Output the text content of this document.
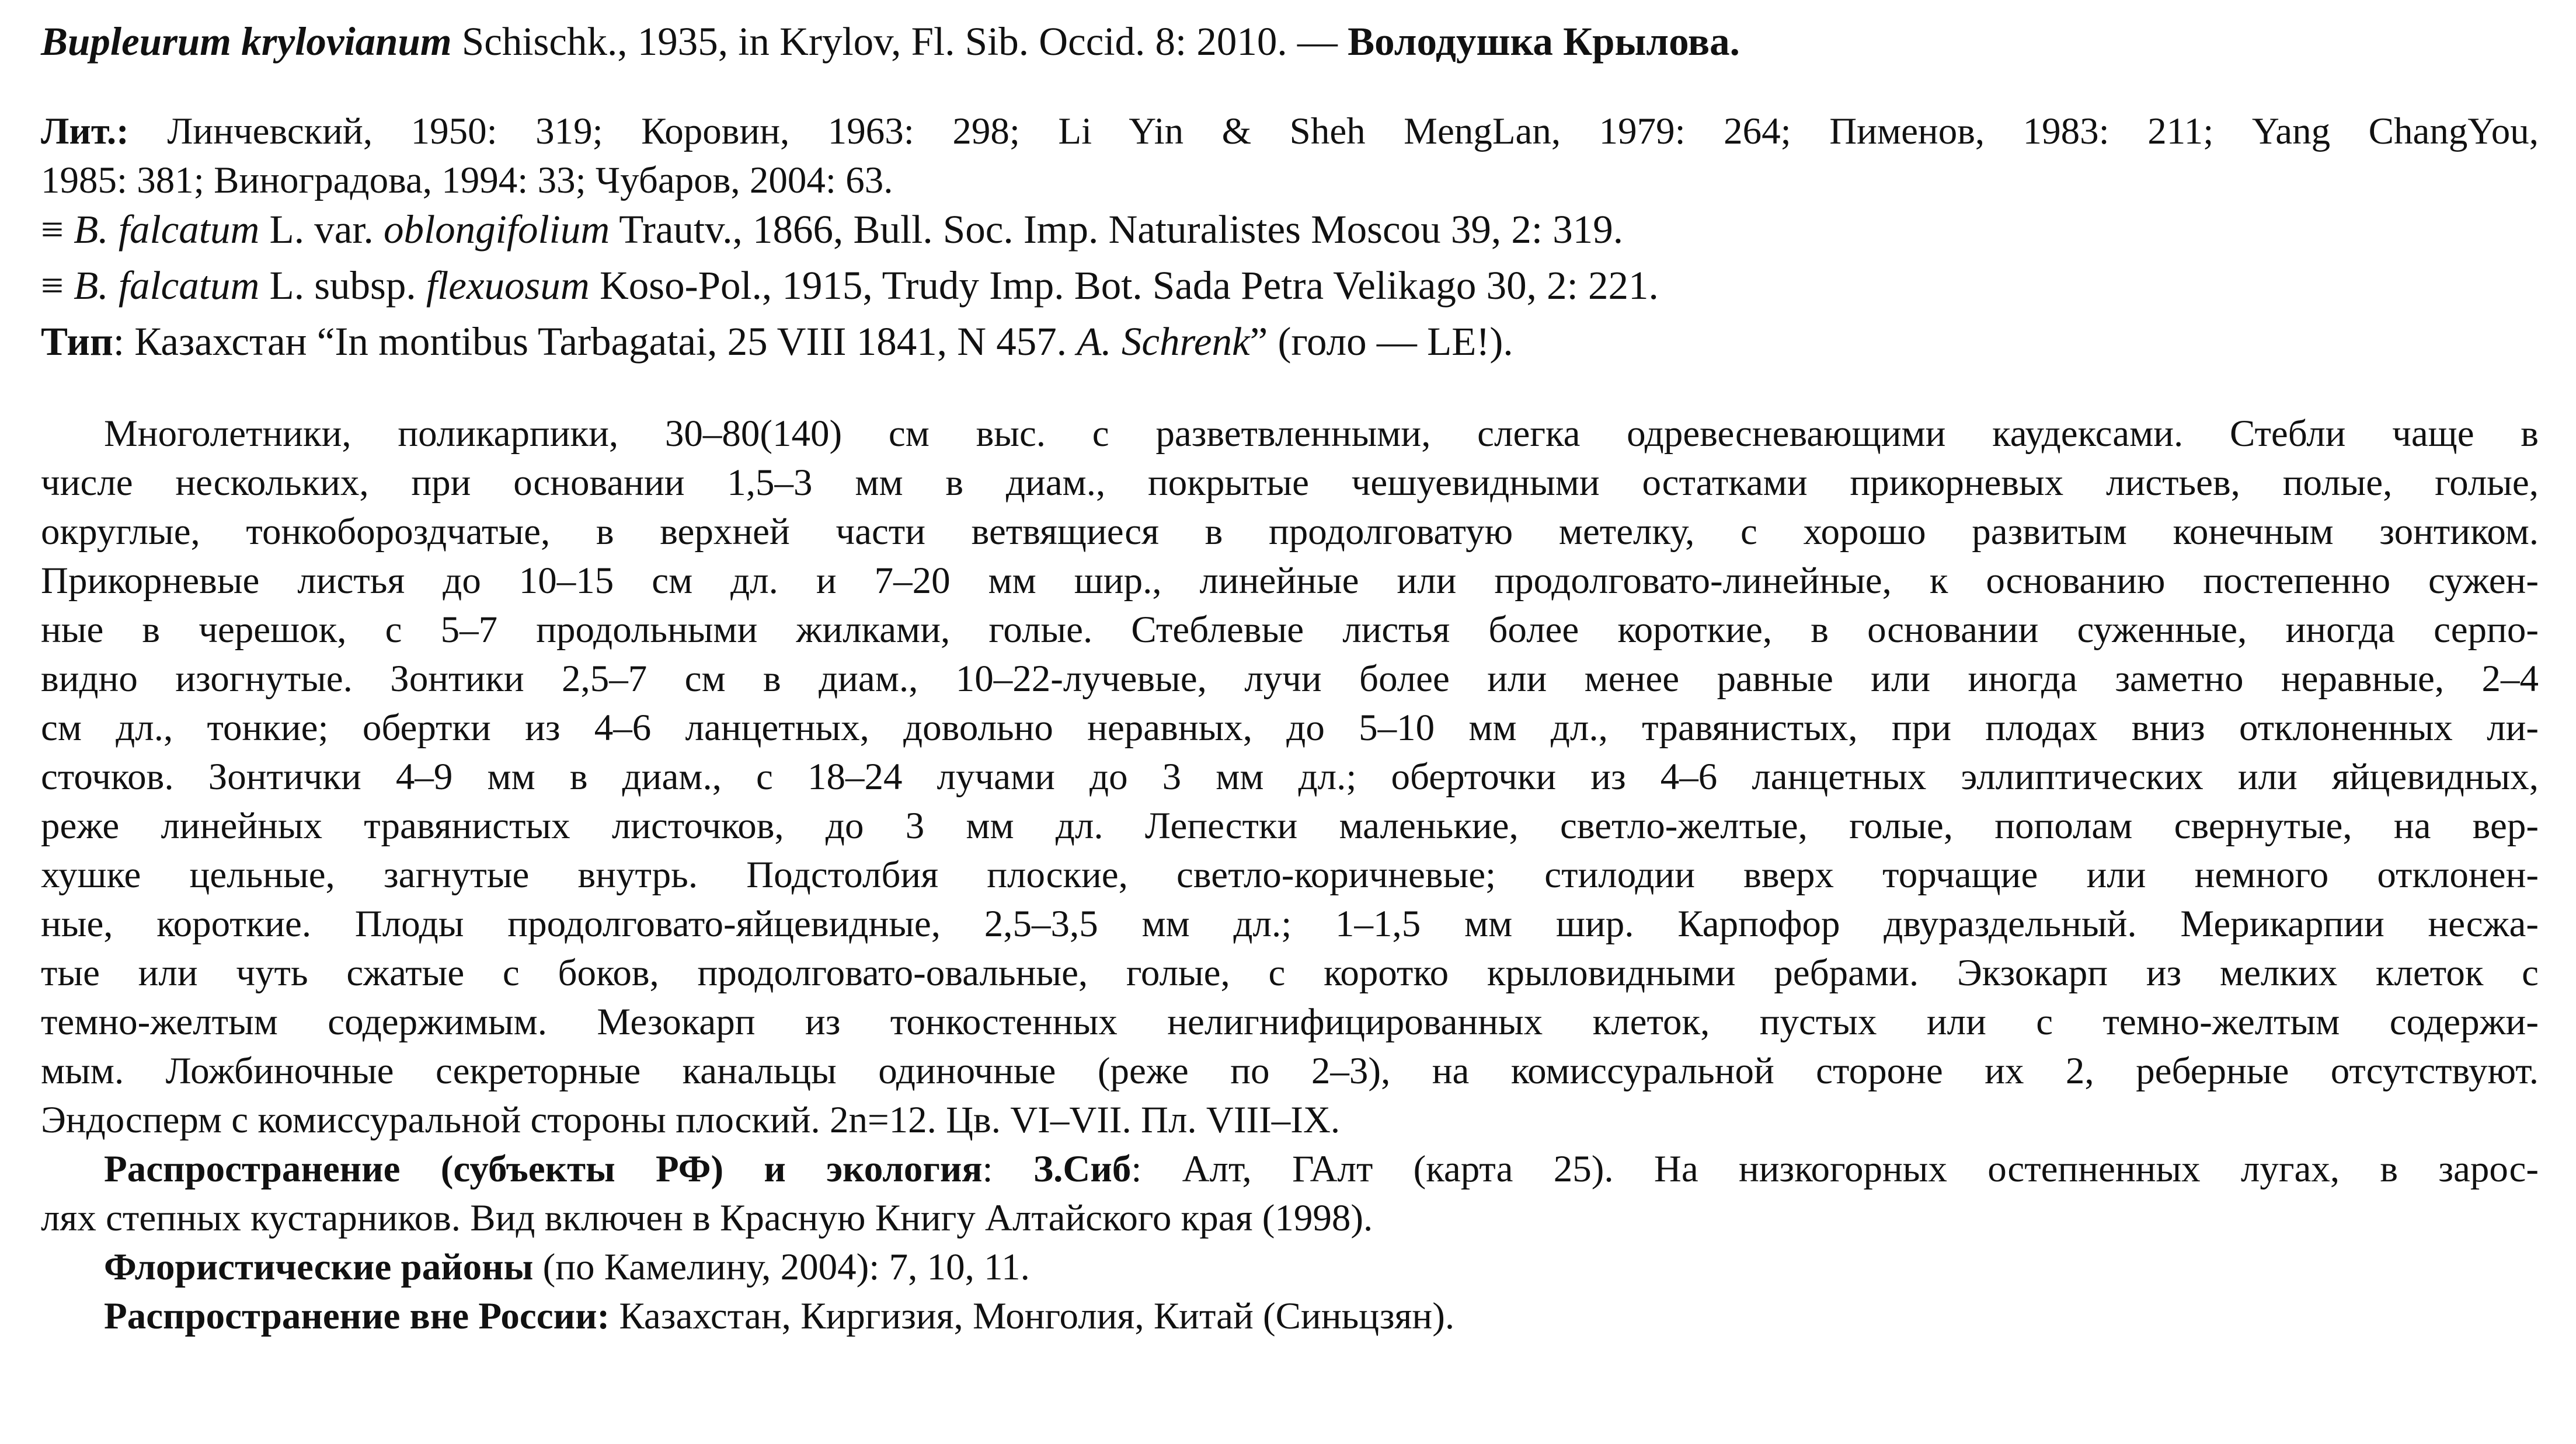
Bupleurum krylovianum Schischk., 1935, in Krylov, Fl. Sib. Occid. 8: 2010. — Володушка Крылова.
Лит.: Линчевский, 1950: 319; Коровин, 1963: 298; Li Yin & Sheh MengLan, 1979: 264; Пименов, 1983: 211; Yang ChangYou,
1985: 381; Виноградова, 1994: 33; Чубаров, 2004: 63.
≡ B. falcatum L. var. oblongifolium Trautv., 1866, Bull. Soc. Imp. Naturalistes Moscou 39, 2: 319.
≡ B. falcatum L. subsp. flexuosum Koso-Pol., 1915, Trudy Imp. Bot. Sada Petra Velikago 30, 2: 221.
Тип: Казахстан “In montibus Tarbagatai, 25 VIII 1841, N 457. A. Schrenk” (голо — LE!).
Многолетники, поликарпики, 30–80(140) см выс. с разветвленными, слегка одревесневающими каудексами. Стебли чаще в
числе нескольких, при основании 1,5–3 мм в диам., покрытые чешуевидными остатками прикорневых листьев, полые, голые,
округлые, тонкобороздчатые, в верхней части ветвящиеся в продолговатую метелку, с хорошо развитым конечным зонтиком.
Прикорневые листья до 10–15 см дл. и 7–20 мм шир., линейные или продолговато-линейные, к основанию постепенно сужен-
ные в черешок, с 5–7 продольными жилками, голые. Стеблевые листья более короткие, в основании суженные, иногда серпо-
видно изогнутые. Зонтики 2,5–7 см в диам., 10–22-лучевые, лучи более или менее равные или иногда заметно неравные, 2–4
см дл., тонкие; обертки из 4–6 ланцетных, довольно неравных, до 5–10 мм дл., травянистых, при плодах вниз отклоненных ли-
сточков. Зонтички 4–9 мм в диам., с 18–24 лучами до 3 мм дл.; оберточки из 4–6 ланцетных эллиптических или яйцевидных,
реже линейных травянистых листочков, до 3 мм дл. Лепестки маленькие, светло-желтые, голые, пополам свернутые, на вер-
хушке цельные, загнутые внутрь. Подстолбия плоские, светло-коричневые; стилодии вверх торчащие или немного отклонен-
ные, короткие. Плоды продолговато-яйцевидные, 2,5–3,5 мм дл.; 1–1,5 мм шир. Карпофор двураздельный. Мерикарпии несжа-
тые или чуть сжатые с боков, продолговато-овальные, голые, с коротко крыловидными ребрами. Экзокарп из мелких клеток с
темно-желтым содержимым. Мезокарп из тонкостенных нелигнифицированных клеток, пустых или с темно-желтым содержи-
мым. Ложбиночные секреторные канальцы одиночные (реже по 2–3), на комиссуральной стороне их 2, реберные отсутствуют.
Эндосперм с комиссуральной стороны плоский. 2n=12. Цв. VI–VII. Пл. VIII–IX.
Распространение (субъекты РФ) и экология: З.Сиб: Алт, ГАлт (карта 25). На низкогорных остепненных лугах, в зарос-
лях степных кустарников. Вид включен в Красную Книгу Алтайского края (1998).
Флористические районы (по Камелину, 2004): 7, 10, 11.
Распространение вне России: Казахстан, Киргизия, Монголия, Китай (Синьцзян).
